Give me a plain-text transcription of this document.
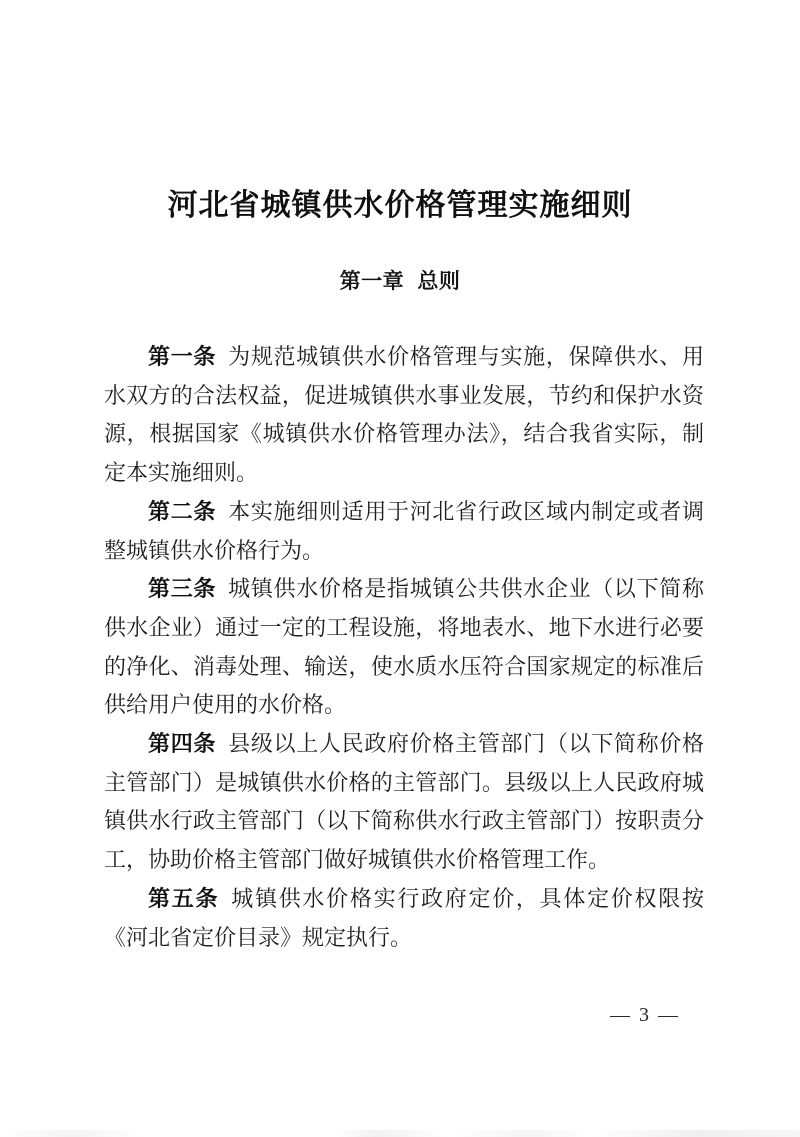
河北省城镇供水价格管理实施细则
第一章 总则

第一条 为规范城镇供水价格管理与实施，保障供水、用水双方的合法权益，促进城镇供水事业发展，节约和保护水资源，根据国家《城镇供水价格管理办法》，结合我省实际，制定本实施细则。

第二条 本实施细则适用于河北省行政区域内制定或者调整城镇供水价格行为。

第三条 城镇供水价格是指城镇公共供水企业（以下简称供水企业）通过一定的工程设施，将地表水、地下水进行必要的净化、消毒处理、输送，使水质水压符合国家规定的标准后供给用户使用的水价格。

第四条 县级以上人民政府价格主管部门（以下简称价格主管部门）是城镇供水价格的主管部门。县级以上人民政府城镇供水行政主管部门（以下简称供水行政主管部门）按职责分工，协助价格主管部门做好城镇供水价格管理工作。

第五条 城镇供水价格实行政府定价，具体定价权限按《河北省定价目录》规定执行。

— 3 —
